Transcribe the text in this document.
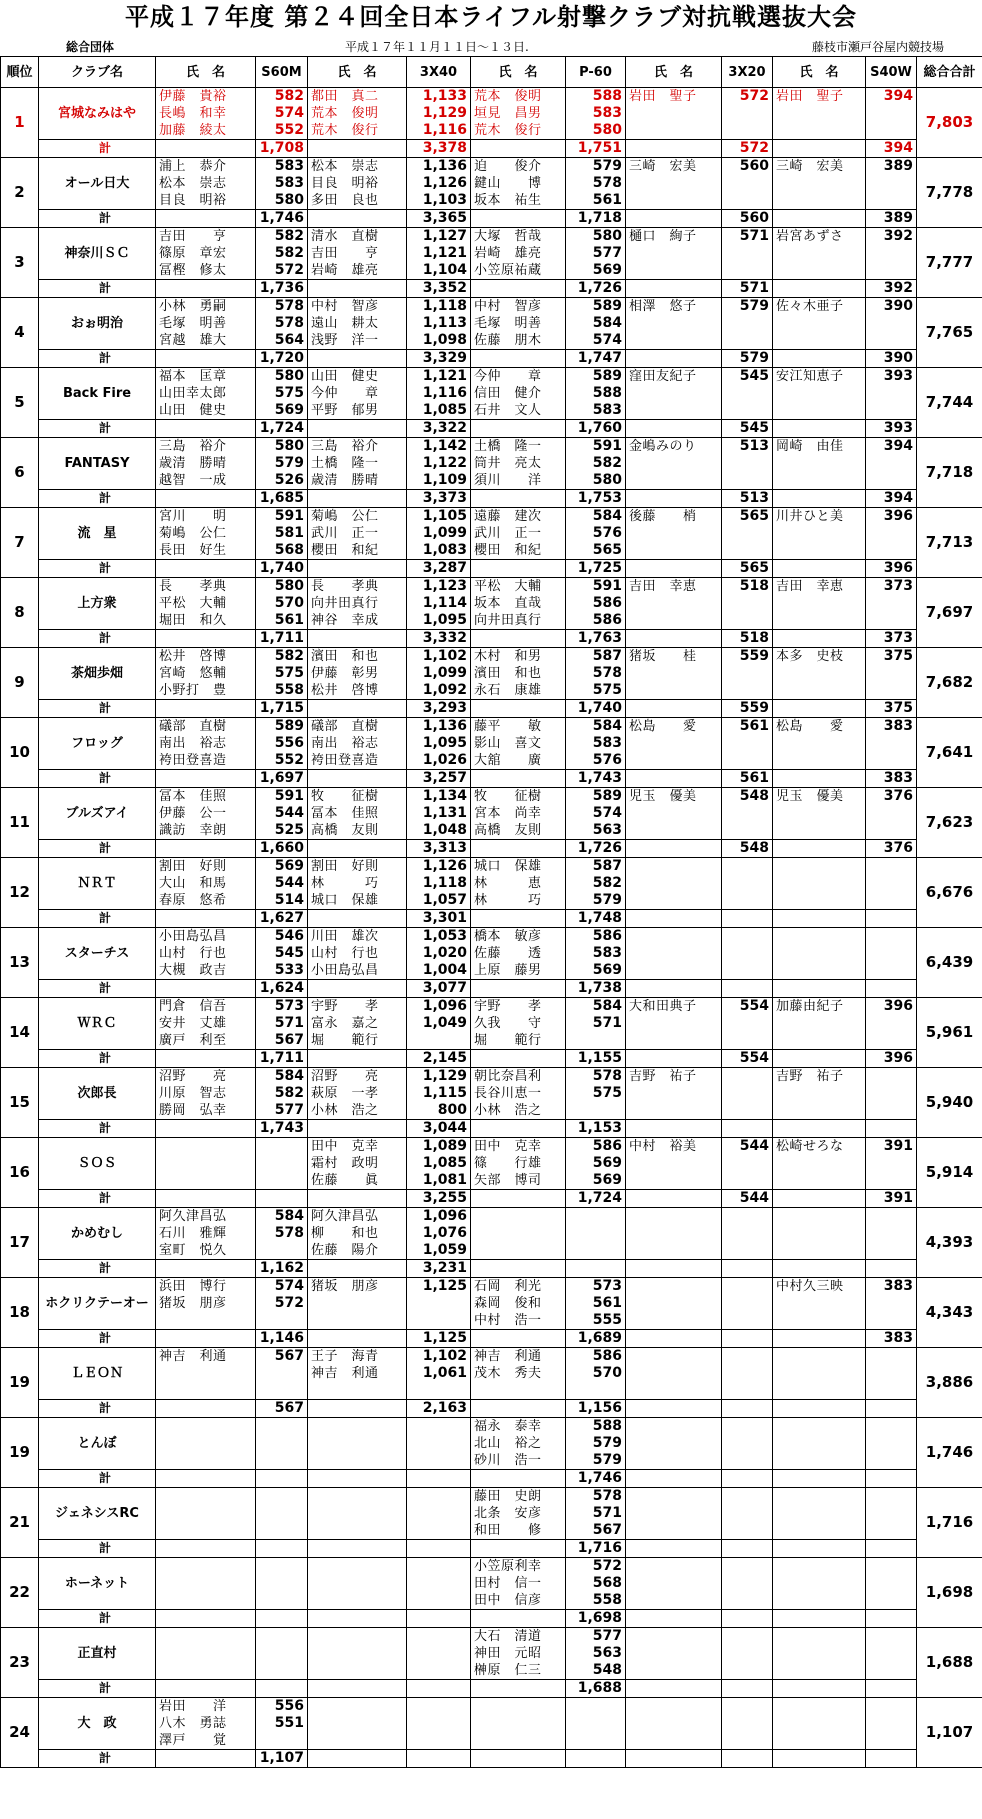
平成１７年度 第２４回全日本ライフル射撃クラブ対抗戦選抜大会
総合団体	平成１７年１１月１１日～１３日.	藤枝市瀬戸谷屋内競技場
順位	クラブ名	氏　名	S60M	氏　名	3X40	氏　名	P-60	氏　名	3X20	氏　名	S40W	総合合計
1	宮城なみはや	伊藤　貴裕	582	都田　真二	1,133	荒本　俊明	588	岩田　聖子	572	岩田　聖子	394	7,803
		長嶋　和幸	574	荒本　俊明	1,129	垣見　昌男	583					
		加藤　綾太	552	荒木　俊行	1,116	荒木　俊行	580					
	計		1,708		3,378		1,751		572		394	
2	オール日大	浦上　恭介	583	松本　崇志	1,136	迫　　俊介	579	三崎　宏美	560	三崎　宏美	389	7,778
		松本　崇志	583	目良　明裕	1,126	鍵山　　博	578					
		目良　明裕	580	多田　良也	1,103	坂本　祐生	561					
	計		1,746		3,365		1,718		560		389	
3	神奈川ＳＣ	吉田　　亨	582	清水　直樹	1,127	大塚　哲哉	580	樋口　絢子	571	岩宮あずさ	392	7,777
		篠原　章宏	582	吉田　　亨	1,121	岩崎　雄亮	577					
		冨樫　修太	572	岩崎　雄亮	1,104	小笠原祐蔵	569					
	計		1,736		3,352		1,726		571		392	
4	おぉ明治	小林　勇嗣	578	中村　智彦	1,118	中村　智彦	589	相澤　悠子	579	佐々木亜子	390	7,765
		毛塚　明善	578	遠山　耕太	1,113	毛塚　明善	584					
		宮越　雄大	564	浅野　洋一	1,098	佐藤　朋木	574					
	計		1,720		3,329		1,747		579		390	
5	Back Fire	福本　匡章	580	山田　健史	1,121	今仲　　章	589	窪田友紀子	545	安江知恵子	393	7,744
		山田幸太郎	575	今仲　　章	1,116	信田　健介	588					
		山田　健史	569	平野　郁男	1,085	石井　文人	583					
	計		1,724		3,322		1,760		545		393	
6	FANTASY	三島　裕介	580	三島　裕介	1,142	土橋　隆一	591	金嶋みのり	513	岡崎　由佳	394	7,718
		歳清　勝晴	579	土橋　隆一	1,122	筒井　亮太	582					
		越智　一成	526	歳清　勝晴	1,109	須川　　洋	580					
	計		1,685		3,373		1,753		513		394	
7	流　星	宮川　　明	591	菊嶋　公仁	1,105	遠藤　建次	584	後藤　　梢	565	川井ひと美	396	7,713
		菊嶋　公仁	581	武川　正一	1,099	武川　正一	576					
		長田　好生	568	櫻田　和紀	1,083	櫻田　和紀	565					
	計		1,740		3,287		1,725		565		396	
8	上方衆	長　　孝典	580	長　　孝典	1,123	平松　大輔	591	吉田　幸恵	518	吉田　幸恵	373	7,697
		平松　大輔	570	向井田真行	1,114	坂本　直哉	586					
		堀田　和久	561	神谷　幸成	1,095	向井田真行	586					
	計		1,711		3,332		1,763		518		373	
9	茶畑歩畑	松井　啓博	582	濱田　和也	1,102	木村　和男	587	猪坂　　桂	559	本多　史枝	375	7,682
		宮崎　悠輔	575	伊藤　彰男	1,099	濱田　和也	578					
		小野打　豊	558	松井　啓博	1,092	永石　康雄	575					
	計		1,715		3,293		1,740		559		375	
10	フロッグ	礒部　直樹	589	礒部　直樹	1,136	藤平　　敏	584	松島　　愛	561	松島　　愛	383	7,641
		南出　裕志	556	南出　裕志	1,095	影山　喜文	583					
		袴田登喜造	552	袴田登喜造	1,026	大舘　　廣	576					
	計		1,697		3,257		1,743		561		383	
11	ブルズアイ	冨本　佳照	591	牧　　征樹	1,134	牧　　征樹	589	児玉　優美	548	児玉　優美	376	7,623
		伊藤　公一	544	冨本　佳照	1,131	宮本　尚幸	574					
		識訪　幸朗	525	高橋　友則	1,048	高橋　友則	563					
	計		1,660		3,313		1,726		548		376	
12	ＮＲＴ	割田　好則	569	割田　好則	1,126	城口　保雄	587					6,676
		大山　和馬	544	林　　　巧	1,118	林　　　恵	582					
		春原　悠希	514	城口　保雄	1,057	林　　　巧	579					
	計		1,627		3,301		1,748					
13	スターチス	小田島弘昌	546	川田　雄次	1,053	橋本　敏彦	586					6,439
		山村　行也	545	山村　行也	1,020	佐藤　　透	583					
		大槻　政吉	533	小田島弘昌	1,004	上原　藤男	569					
	計		1,624		3,077		1,738					
14	ＷＲＣ	門倉　信吾	573	宇野　　孝	1,096	宇野　　孝	584	大和田典子	554	加藤由紀子	396	5,961
		安井　丈雄	571	富永　嘉之	1,049	久我　　守	571					
		廣戸　利至	567	堀　　範行		堀　　範行						
	計		1,711		2,145		1,155		554		396	
15	次郎長	沼野　　亮	584	沼野　　亮	1,129	朝比奈昌利	578	吉野　祐子		吉野　祐子		5,940
		川原　智志	582	萩原　一孝	1,115	長谷川恵一	575					
		勝岡　弘幸	577	小林　浩之	800	小林　浩之						
	計		1,743		3,044		1,153					
16	ＳＯＳ			田中　克幸	1,089	田中　克幸	586	中村　裕美	544	松崎せろな	391	5,914
				霜村　政明	1,085	篠　　行雄	569					
				佐藤　　眞	1,081	矢部　博司	569					
	計				3,255		1,724		544		391	
17	かめむし	阿久津昌弘	584	阿久津昌弘	1,096							4,393
		石川　雅輝	578	柳　　和也	1,076							
		室町　悦久		佐藤　陽介	1,059							
	計		1,162		3,231							
18	ホクリクテーオー	浜田　博行	574	猪坂　朋彦	1,125	石岡　利光	573			中村久三映	383	4,343
		猪坂　朋彦	572			森岡　俊和	561					
						中村　浩一	555					
	計		1,146		1,125		1,689				383	
19	ＬＥＯＮ	神吉　利通	567	王子　海青	1,102	神吉　利通	586					3,886
				神吉　利通	1,061	茂木　秀夫	570					

	計		567		2,163		1,156					
19	とんぼ					福永　泰幸	588					1,746
						北山　裕之	579					
						砂川　浩一	579					
	計						1,746					
21	ジェネシスRC					藤田　史朗	578					1,716
						北条　安彦	571					
						和田　　修	567					
	計						1,716					
22	ホーネット					小笠原利幸	572					1,698
						田村　信一	568					
						田中　信彦	558					
	計						1,698					
23	正直村					大石　清道	577					1,688
						神田　元昭	563					
						榊原　仁三	548					
	計						1,688					
24	大　政	岩田　　洋	556									1,107
		八木　勇誌	551									
		澤戸　　覚										
	計		1,107									
